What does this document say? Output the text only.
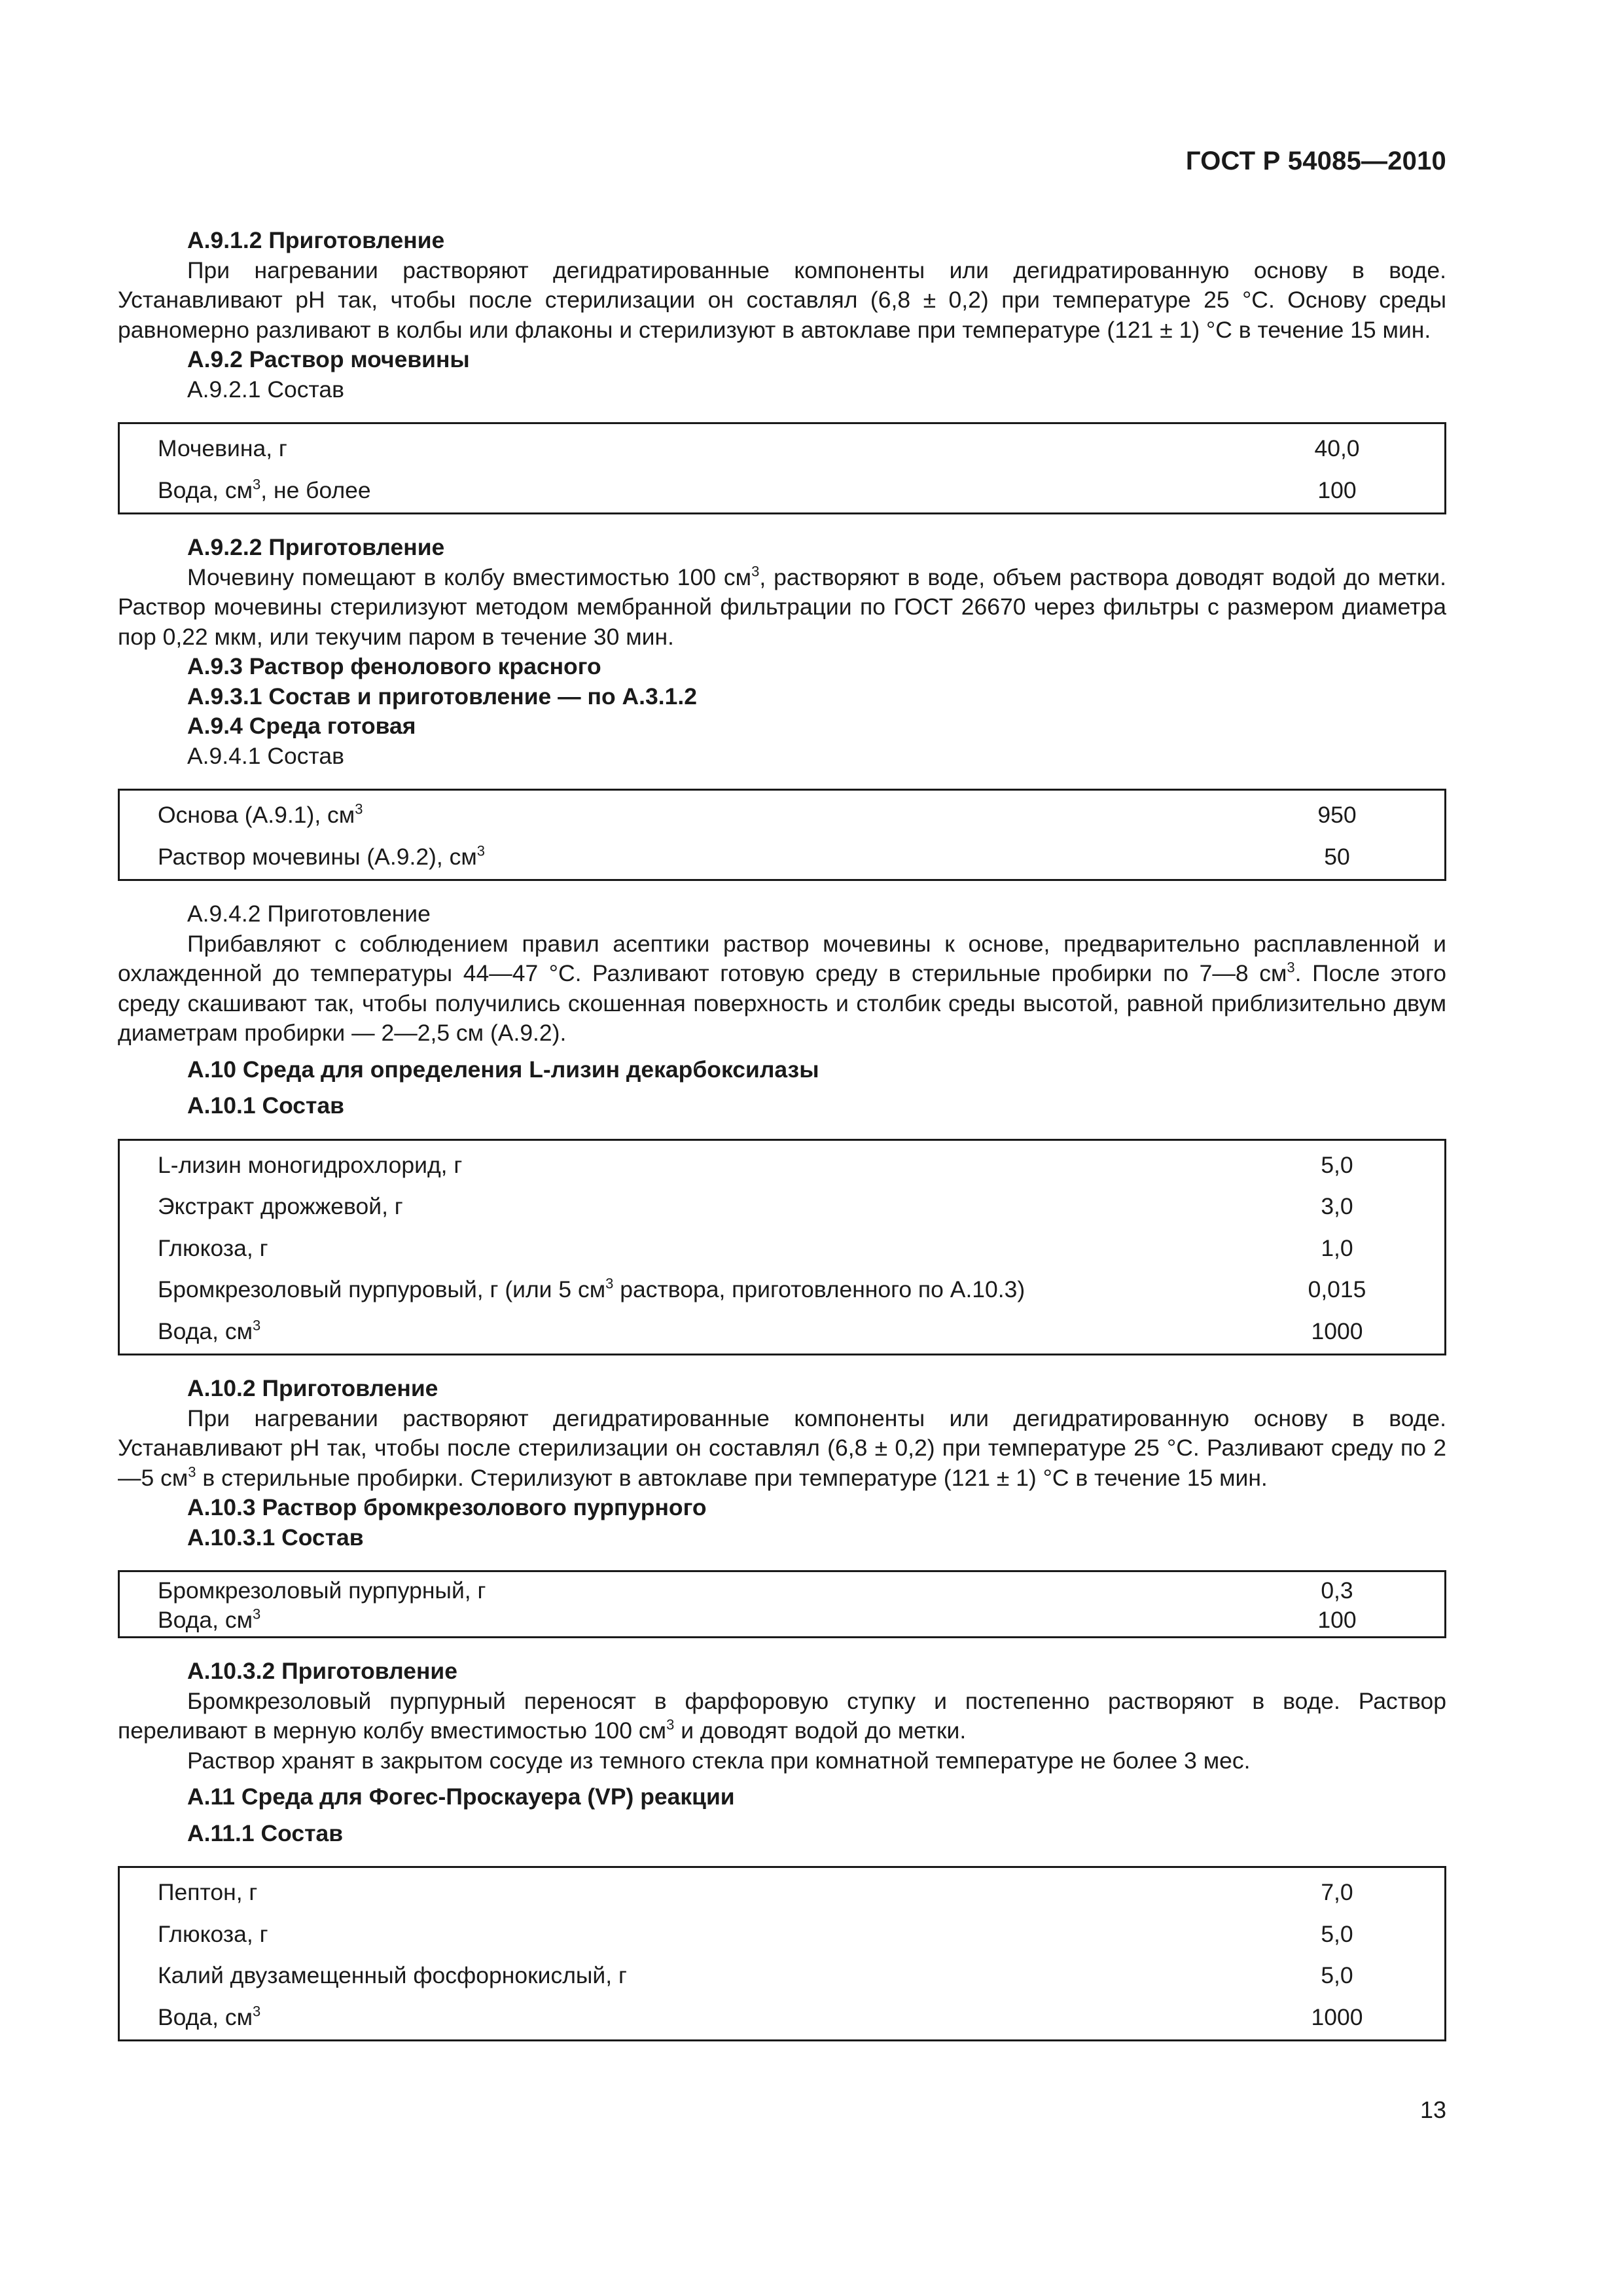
ГОСТ Р 54085—2010
А.9.1.2 Приготовление
При нагревании растворяют дегидратированные компоненты или дегидратированную основу в воде. Устанавливают рН так, чтобы после стерилизации он составлял (6,8 ± 0,2) при температуре 25 °С. Основу среды равномерно разливают в колбы или флаконы и стерилизуют в автоклаве при температуре (121 ± 1) °С в течение 15 мин.
А.9.2 Раствор мочевины
А.9.2.1 Состав
Мочевина, г	40,0
Вода, $см^3$, не более	100
А.9.2.2 Приготовление
Мочевину помещают в колбу вместимостью 100 $см^3$, растворяют в воде, объем раствора доводят водой до метки. Раствор мочевины стерилизуют методом мембранной фильтрации по ГОСТ 26670 через фильтры с размером диаметра пор 0,22 мкм, или текучим паром в течение 30 мин.
А.9.3 Раствор фенолового красного
А.9.3.1 Состав и приготовление — по А.3.1.2
А.9.4 Среда готовая
А.9.4.1 Состав
Основа (А.9.1), $см^3$	950
Раствор мочевины (А.9.2), $см^3$	50
А.9.4.2 Приготовление
Прибавляют с соблюдением правил асептики раствор мочевины к основе, предварительно расплавленной и охлажденной до температуры 44—47 °С. Разливают готовую среду в стерильные пробирки по 7—8 $см^3$. После этого среду скашивают так, чтобы получились скошенная поверхность и столбик среды высотой, равной приблизительно двум диаметрам пробирки — 2—2,5 см (А.9.2).
А.10 Среда для определения L-лизин декарбоксилазы
А.10.1 Состав
L-лизин моногидрохлорид, г	5,0
Экстракт дрожжевой, г	3,0
Глюкоза, г	1,0
Бромкрезоловый пурпуровый, г (или 5 $см^3$ раствора, приготовленного по А.10.3)	0,015
Вода, $см^3$	1000
А.10.2 Приготовление
При нагревании растворяют дегидратированные компоненты или дегидратированную основу в воде. Устанавливают рН так, чтобы после стерилизации он составлял (6,8 ± 0,2) при температуре 25 °С. Разливают среду по 2—5 $см^3$ в стерильные пробирки. Стерилизуют в автоклаве при температуре (121 ± 1) °С в течение 15 мин.
А.10.3 Раствор бромкрезолового пурпурного
А.10.3.1 Состав
Бромкрезоловый пурпурный, г	0,3
Вода, $см^3$	100
А.10.3.2 Приготовление
Бромкрезоловый пурпурный переносят в фарфоровую ступку и постепенно растворяют в воде. Раствор переливают в мерную колбу вместимостью 100 $см^3$ и доводят водой до метки.
Раствор хранят в закрытом сосуде из темного стекла при комнатной температуре не более 3 мес.
А.11 Среда для Фогес-Проскауера (VP) реакции
А.11.1 Состав
Пептон, г	7,0
Глюкоза, г	5,0
Калий двузамещенный фосфорнокислый, г	5,0
Вода, $см^3$	1000
13
